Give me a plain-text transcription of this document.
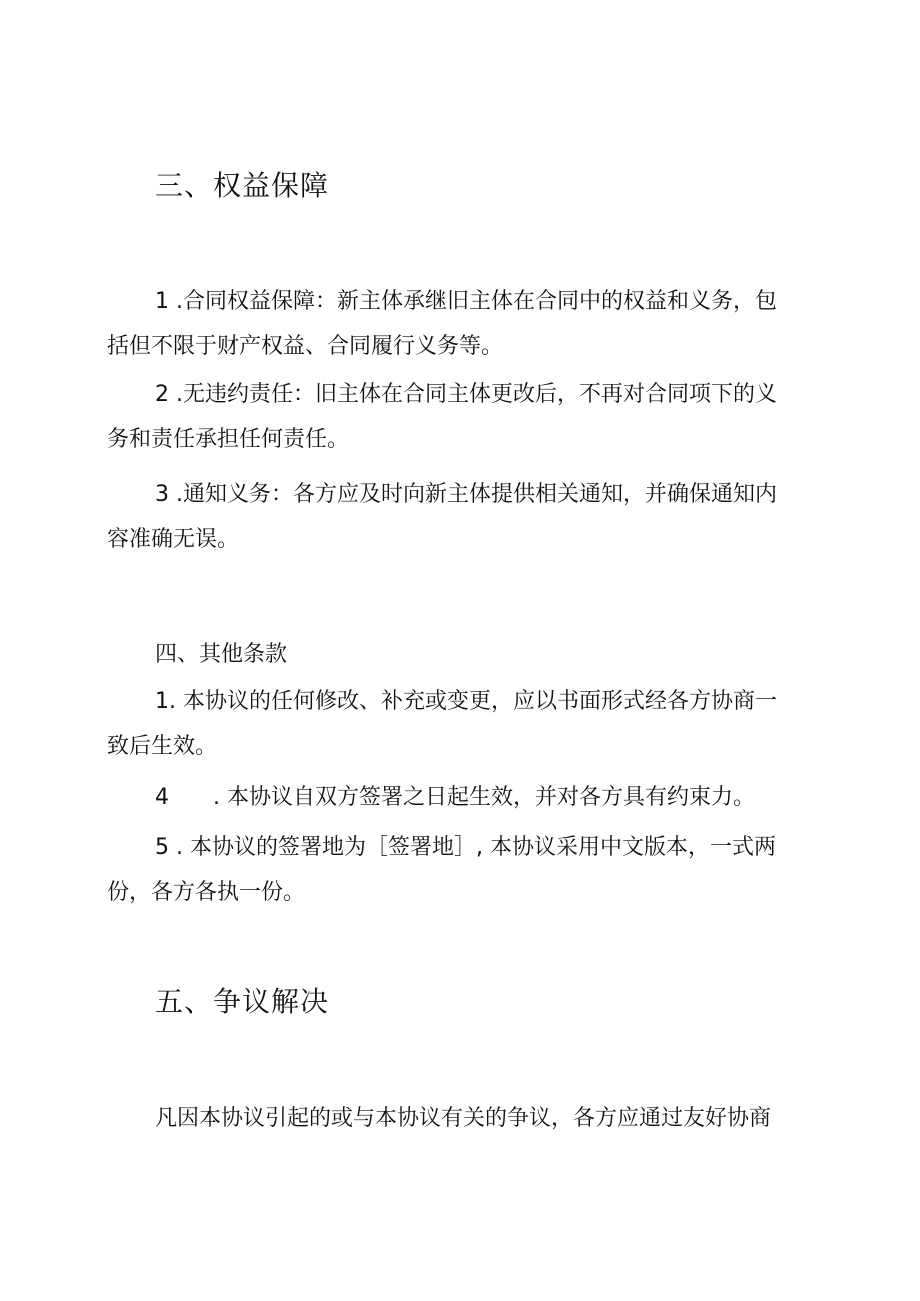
三、权益保障
1 .合同权益保障：新主体承继旧主体在合同中的权益和义务，包
括但不限于财产权益、合同履行义务等。
2 .无违约责任：旧主体在合同主体更改后，不再对合同项下的义
务和责任承担任何责任。
3 .通知义务：各方应及时向新主体提供相关通知，并确保通知内
容准确无误。
四、其他条款
1. 本协议的任何修改、补充或变更，应以书面形式经各方协商一
致后生效。
4　　. 本协议自双方签署之日起生效，并对各方具有约束力。
5 . 本协议的签署地为［签署地］, 本协议采用中文版本，一式两
份，各方各执一份。
五、争议解决
凡因本协议引起的或与本协议有关的争议，各方应通过友好协商
